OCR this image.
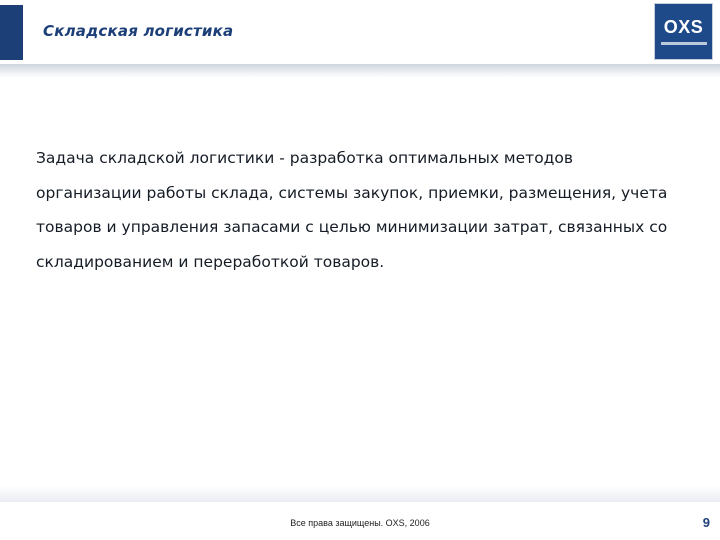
Складская логистика	OXS
Задача складской логистики - разработка оптимальных методов организации работы склада, системы закупок, приемки, размещения, учета товаров и управления запасами с целью минимизации затрат, связанных со складированием и переработкой товаров.
Все права защищены. OXS, 2006	9
